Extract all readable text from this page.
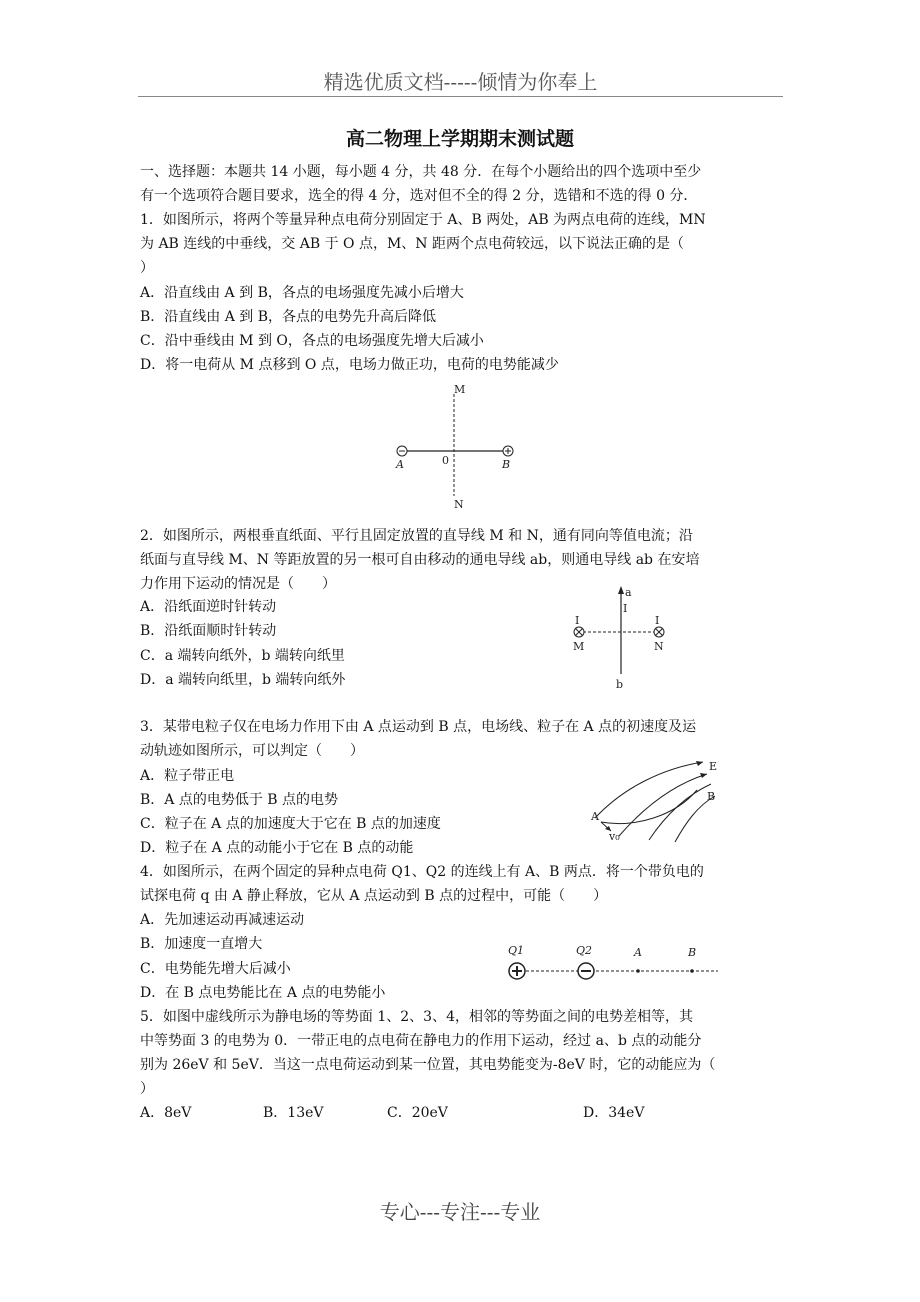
精选优质文档-----倾情为你奉上
高二物理上学期期末测试题
一、选择题：本题共 14 小题，每小题 4 分，共 48 分．在每个小题给出的四个选项中至少
有一个选项符合题目要求，选全的得 4 分，选对但不全的得 2 分，选错和不选的得 0 分．
1．如图所示，将两个等量异种点电荷分别固定于 A、B 两处，AB 为两点电荷的连线，MN
为 AB 连线的中垂线，交 AB 于 O 点，M、N 距两个点电荷较远，以下说法正确的是（
）
A．沿直线由 A 到 B，各点的电场强度先减小后增大
B．沿直线由 A 到 B，各点的电势先升高后降低
C．沿中垂线由 M 到 O，各点的电场强度先增大后减小
D．将一电荷从 M 点移到 O 点，电场力做正功，电荷的电势能减少
M
N
A	B
0
2．如图所示，两根垂直纸面、平行且固定放置的直导线 M 和 N，通有同向等值电流；沿
纸面与直导线 M、N 等距放置的另一根可自由移动的通电导线 ab，则通电导线 ab 在安培
力作用下运动的情况是（　　）
A．沿纸面逆时针转动
B．沿纸面顺时针转动
C．a 端转向纸外，b 端转向纸里
D．a 端转向纸里，b 端转向纸外
a
I
I	I
M	N
b
3．某带电粒子仅在电场力作用下由 A 点运动到 B 点，电场线、粒子在 A 点的初速度及运
动轨迹如图所示，可以判定（　　）
A．粒子带正电
B．A 点的电势低于 B 点的电势
C．粒子在 A 点的加速度大于它在 B 点的加速度
D．粒子在 A 点的动能小于它在 B 点的动能
E
B
A
v₀
4．如图所示，在两个固定的异种点电荷 Q1、Q2 的连线上有 A、B 两点．将一个带负电的
试探电荷 q 由 A 静止释放，它从 A 点运动到 B 点的过程中，可能（　　）
A．先加速运动再减速运动
B．加速度一直增大
C．电势能先增大后减小
D．在 B 点电势能比在 A 点的电势能小
Q1	Q2	A	B
5．如图中虚线所示为静电场的等势面 1、2、3、4，相邻的等势面之间的电势差相等，其
中等势面 3 的电势为 0．一带正电的点电荷在静电力的作用下运动，经过 a、b 点的动能分
别为 26eV 和 5eV．当这一点电荷运动到某一位置，其电势能变为-8eV 时，它的动能应为（
）
A．8eV	B．13eV	C．20eV	D．34eV
专心---专注---专业
